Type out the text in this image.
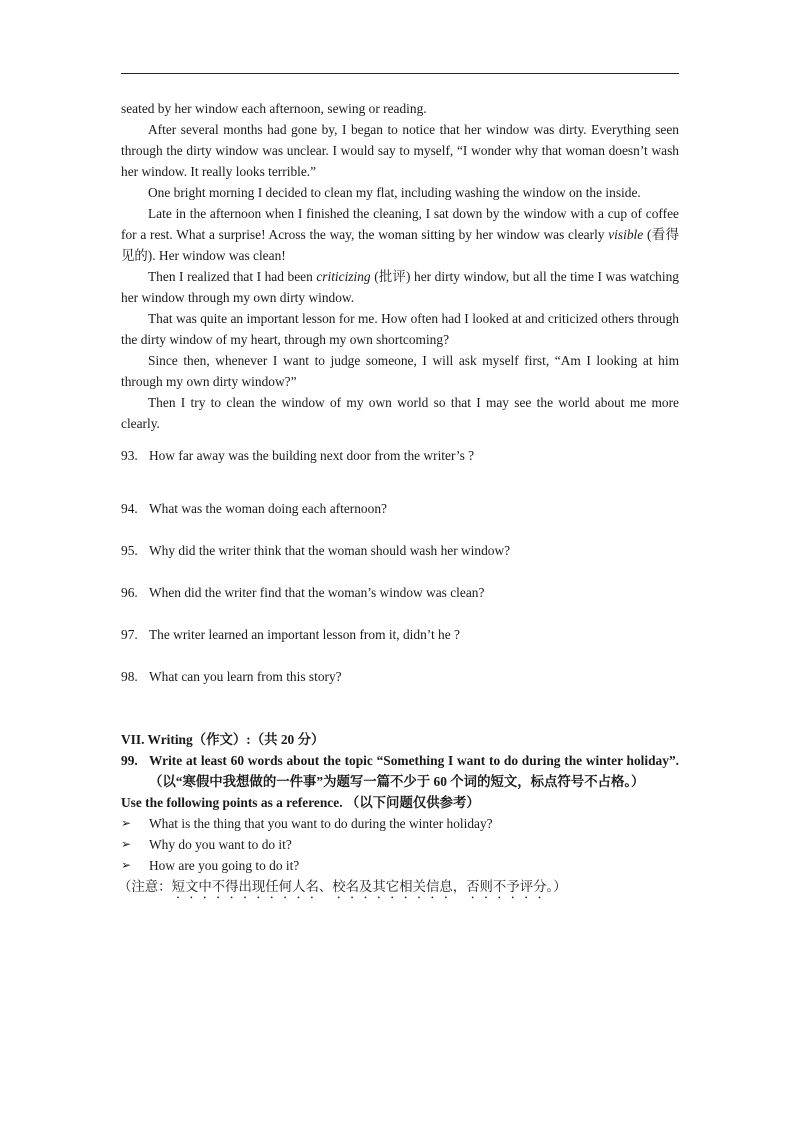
seated by her window each afternoon, sewing or reading.

After several months had gone by, I began to notice that her window was dirty. Everything seen through the dirty window was unclear. I would say to myself, “I wonder why that woman doesn’t wash her window. It really looks terrible.”

One bright morning I decided to clean my flat, including washing the window on the inside.

Late in the afternoon when I finished the cleaning, I sat down by the window with a cup of coffee for a rest. What a surprise! Across the way, the woman sitting by her window was clearly visible (看得见的). Her window was clean!

Then I realized that I had been criticizing (批评) her dirty window, but all the time I was watching her window through my own dirty window.

That was quite an important lesson for me. How often had I looked at and criticized others through the dirty window of my heart, through my own shortcoming?

Since then, whenever I want to judge someone, I will ask myself first, “Am I looking at him through my own dirty window?”

Then I try to clean the window of my own world so that I may see the world about me more clearly.

93. How far away was the building next door from the writer’s ?
94. What was the woman doing each afternoon?
95. Why did the writer think that the woman should wash her window?
96. When did the writer find that the woman’s window was clean?
97. The writer learned an important lesson from it, didn’t he ?
98. What can you learn from this story?
VII. Writing（作文）:（共 20 分）
99. Write at least 60 words about the topic “Something I want to do during the winter holiday”.（以“寒假中我想做的一件事”为题写一篇不少于 60 个词的短文，标点符号不占格。）
Use the following points as a reference. （以下问题仅供参考）
➢	What is the thing that you want to do during the winter holiday?
➢	Why do you want to do it?
➢	How are you going to do it?
（注意：短文中不得出现任何人名、校名及其它相关信息，否则不予评分。）
